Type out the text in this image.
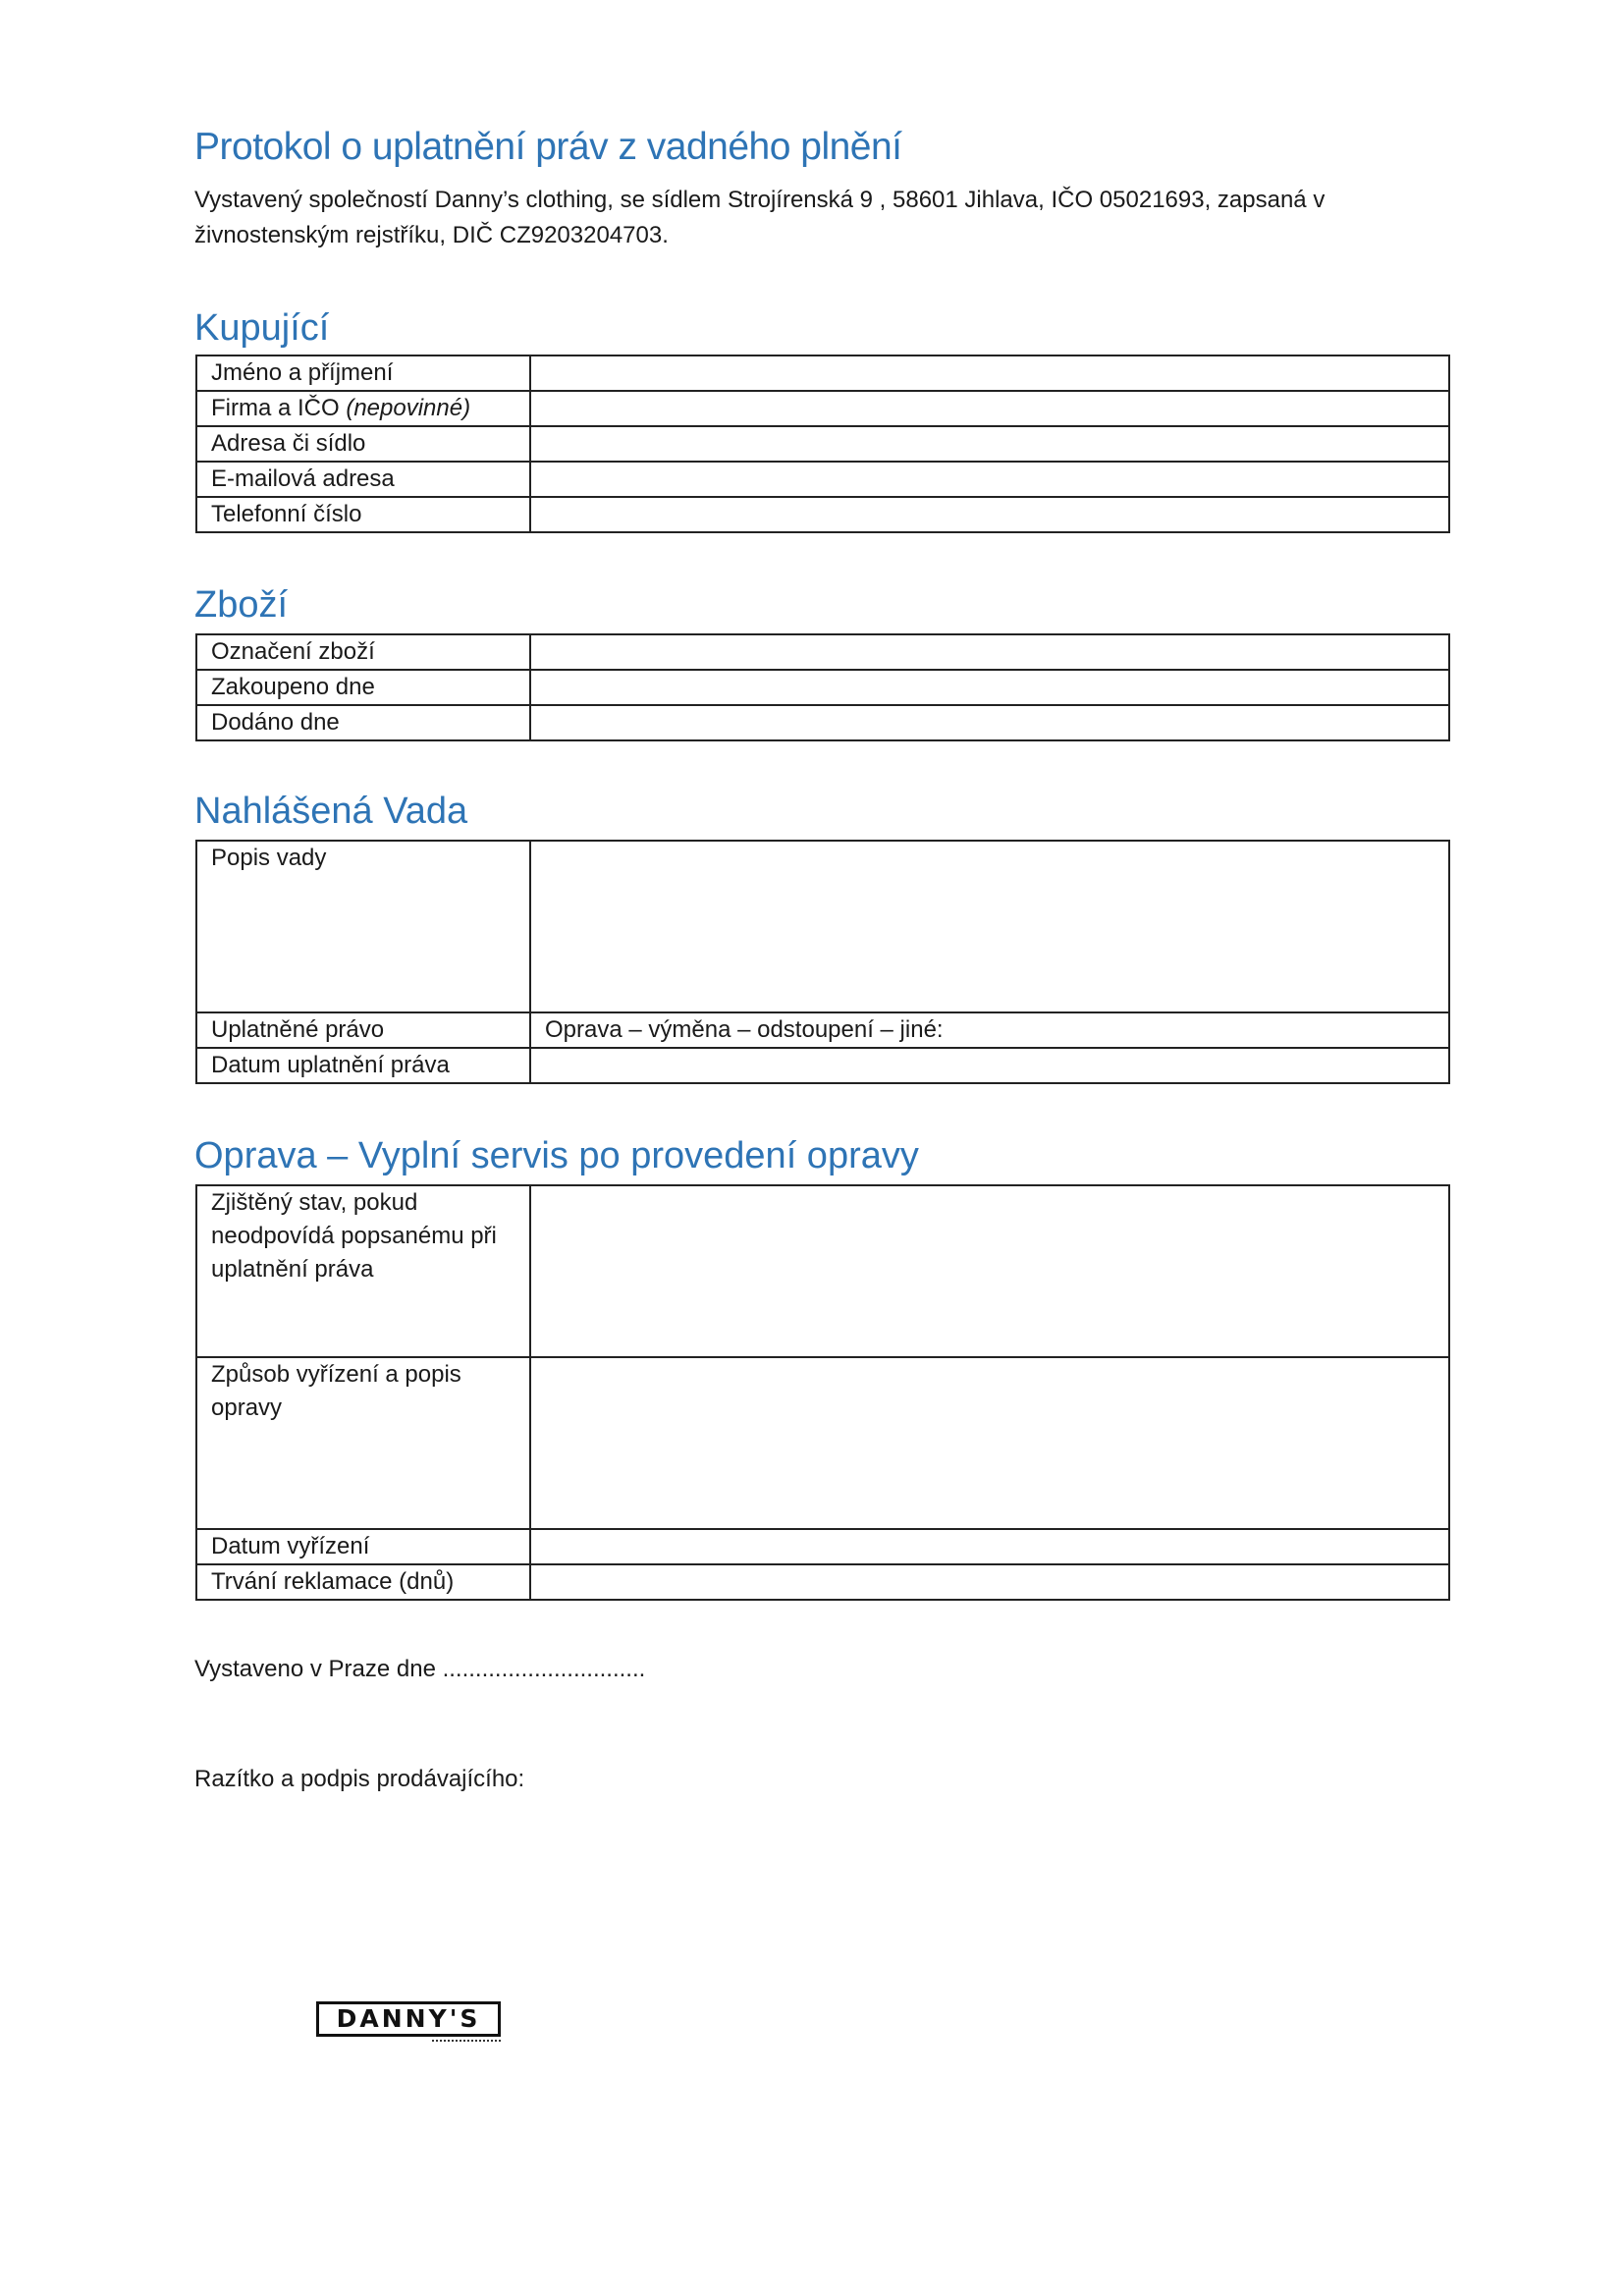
Protokol o uplatnění práv z vadného plnění

Vystavený společností Danny’s clothing, se sídlem Strojírenská 9 , 58601 Jihlava, IČO 05021693, zapsaná v živnostenským rejstříku, DIČ CZ9203204703.

Kupující
Jméno a příjmení	
Firma a IČO (nepovinné)	
Adresa či sídlo	
E-mailová adresa	
Telefonní číslo	
Zboží
Označení zboží	
Zakoupeno dne	
Dodáno dne	
Nahlášená Vada
Popis vady	
Uplatněné právo	Oprava – výměna – odstoupení – jiné:
Datum uplatnění práva	
Oprava – Vyplní servis po provedení opravy
Zjištěný stav, pokud neodpovídá popsanému při uplatnění práva	
Způsob vyřízení a popis opravy	
Datum vyřízení	
Trvání reklamace (dnů)	

Vystaveno v Praze dne ...............................

Razítko a podpis prodávajícího:

DANNY'S
